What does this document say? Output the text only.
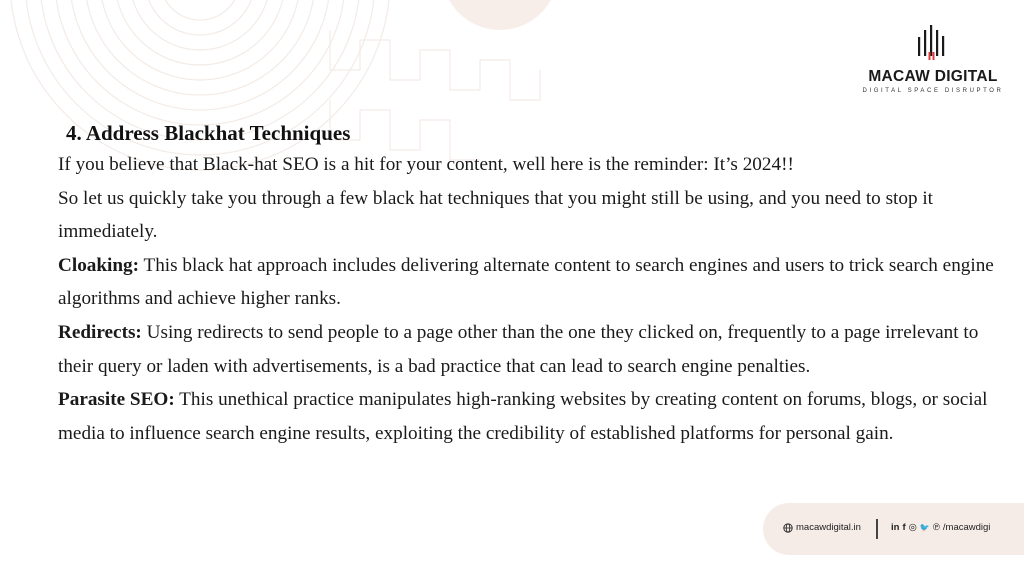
MACAW DIGITAL
DIGITAL SPACE DISRUPTOR
4. Address Blackhat Techniques

If you believe that Black-hat SEO is a hit for your content, well here is the reminder: It’s 2024!!

So let us quickly take you through a few black hat techniques that you might still be using, and you need to stop it immediately.

Cloaking: This black hat approach includes delivering alternate content to search engines and users to trick search engine algorithms and achieve higher ranks.

Redirects: Using redirects to send people to a page other than the one they clicked on, frequently to a page irrelevant to their query or laden with advertisements, is a bad practice that can lead to search engine penalties.

Parasite SEO: This unethical practice manipulates high-ranking websites by creating content on forums, blogs, or social media to influence search engine results, exploiting the credibility of established platforms for personal gain.

macawdigital.in	in f ◎ 🐦 ℗ /macawdigi
